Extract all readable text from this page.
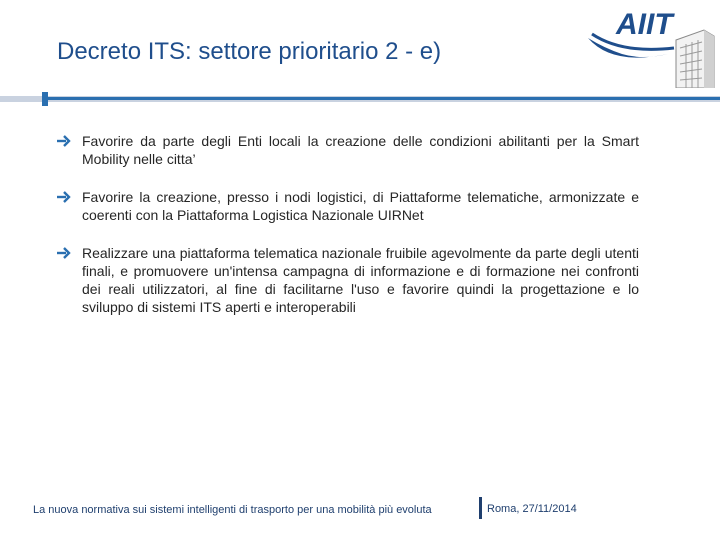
Decreto ITS: settore prioritario 2 - e)
AIIT
Favorire da parte degli Enti locali la creazione delle condizioni abilitanti per la Smart Mobility nelle citta’
Favorire la creazione, presso i nodi logistici, di Piattaforme telematiche, armonizzate e coerenti con la Piattaforma Logistica Nazionale UIRNet
Realizzare una piattaforma telematica nazionale fruibile agevolmente da parte degli utenti finali, e promuovere un'intensa campagna di informazione e di formazione nei confronti dei reali utilizzatori, al fine di facilitarne l'uso e favorire quindi la progettazione e lo sviluppo di sistemi ITS aperti e interoperabili
La nuova normativa sui sistemi intelligenti di trasporto per una mobilità più evoluta	Roma, 27/11/2014
